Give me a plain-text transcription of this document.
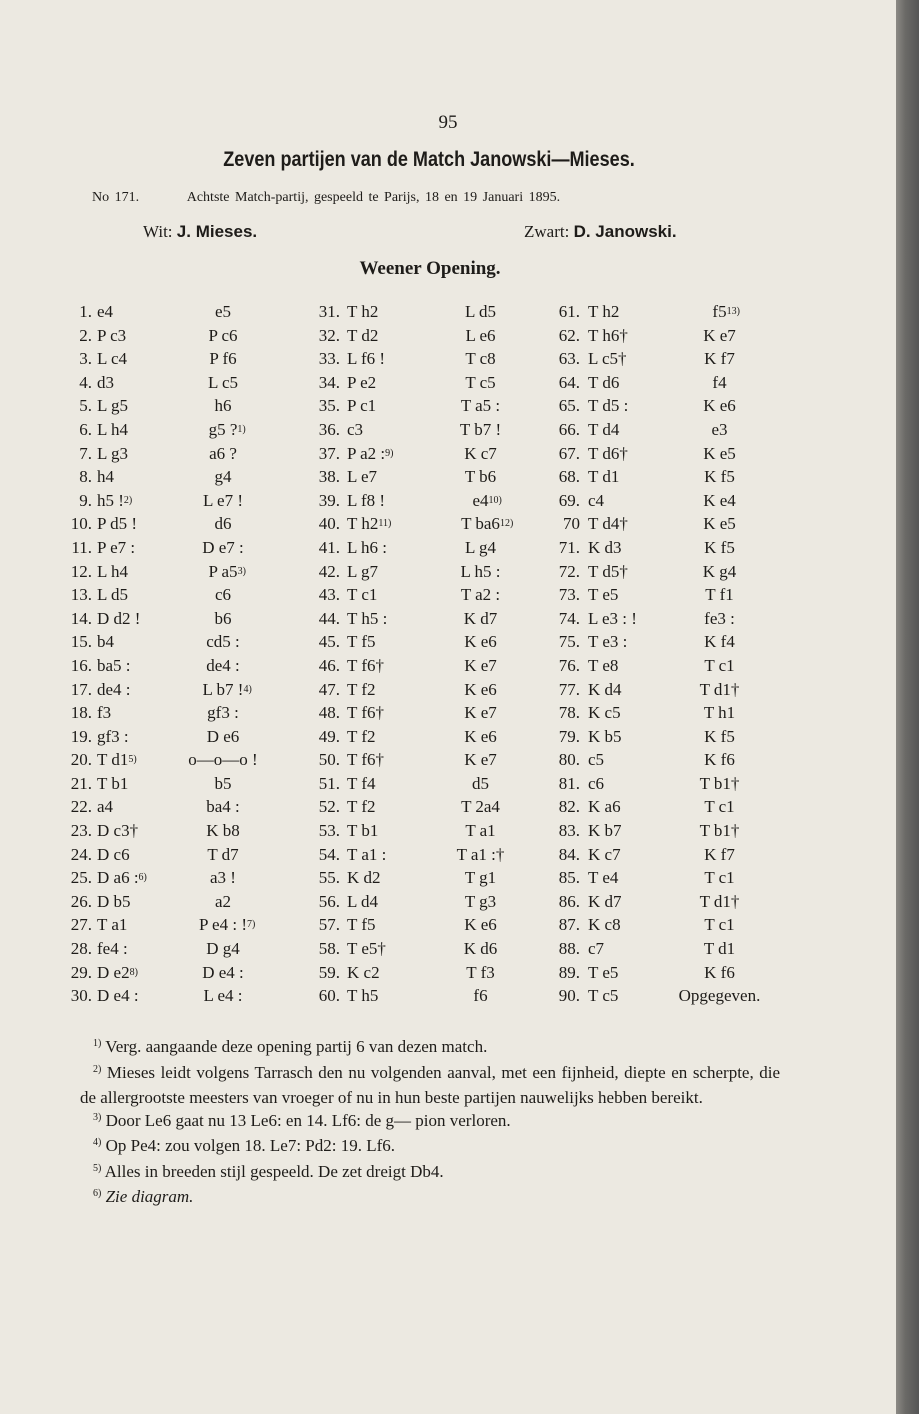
95
Zeven partijen van de Match Janowski—Mieses.
No 171.	Achtste Match-partij, gespeeld te Parijs, 18 en 19 Januari 1895.
Wit: J. Mieses.	Zwart: D. Janowski.
Weener Opening.
1. e4	e5
2. P c3	P c6
3. L c4	P f6
4. d3	L c5
5. L g5	h6
6. L h4	g5 ? 1)
7. L g3	a6 ?
8. h4	g4
9. h5 ! 2)	L e7 !
10. P d5 !	d6
11. P e7 :	D e7 :
12. L h4	P a5 3)
13. L d5	c6
14. D d2 !	b6
15. b4	cd5 :
16. ba5 :	de4 :
17. de4 :	L b7 ! 4)
18. f3	gf3 :
19. gf3 :	D e6
20. T d1 5)	o—o—o !
21. T b1	b5
22. a4	ba4 :
23. D c3†	K b8
24. D c6	T d7
25. D a6 : 6)	a3 !
26. D b5	a2
27. T a1	P e4 : ! 7)
28. fe4 :	D g4
29. D e2 8)	D e4 :
30. D e4 :	L e4 :
31. T h2	L d5
32. T d2	L e6
33. L f6 !	T c8
34. P e2	T c5
35. P c1	T a5 :
36. c3	T b7 !
37. P a2 : 9)	K c7
38. L e7	T b6
39. L f8 !	e4 10)
40. T h2 11)	T ba6 12)
41. L h6 :	L g4
42. L g7	L h5 :
43. T c1	T a2 :
44. T h5 :	K d7
45. T f5	K e6
46. T f6†	K e7
47. T f2	K e6
48. T f6†	K e7
49. T f2	K e6
50. T f6†	K e7
51. T f4	d5
52. T f2	T 2a4
53. T b1	T a1
54. T a1 :	T a1 :†
55. K d2	T g1
56. L d4	T g3
57. T f5	K e6
58. T e5†	K d6
59. K c2	T f3
60. T h5	f6
61. T h2	f5 13)
62. T h6†	K e7
63. L c5†	K f7
64. T d6	f4
65. T d5 :	K e6
66. T d4	e3
67. T d6†	K e5
68. T d1	K f5
69. c4	K e4
70 T d4†	K e5
71. K d3	K f5
72. T d5†	K g4
73. T e5	T f1
74. L e3 : !	fe3 :
75. T e3 :	K f4
76. T e8	T c1
77. K d4	T d1†
78. K c5	T h1
79. K b5	K f5
80. c5	K f6
81. c6	T b1†
82. K a6	T c1
83. K b7	T b1†
84. K c7	K f7
85. T e4	T c1
86. K d7	T d1†
87. K c8	T c1
88. c7	T d1
89. T e5	K f6
90. T c5	Opgegeven.

$^{1)}$ Verg. aangaande deze opening partij 6 van dezen match.

$^{2)}$ Mieses leidt volgens Tarrasch den nu volgenden aanval, met een fijnheid, diepte en scherpte, die de allergrootste meesters van vroeger of nu in hun beste partijen nauwelijks hebben bereikt.

$^{3)}$ Door Le6 gaat nu 13 Le6: en 14. Lf6: de g— pion verloren.

$^{4)}$ Op Pe4: zou volgen 18. Le7: Pd2: 19. Lf6.

$^{5)}$ Alles in breeden stijl gespeeld. De zet dreigt Db4.

$^{6)}$ Zie diagram.
